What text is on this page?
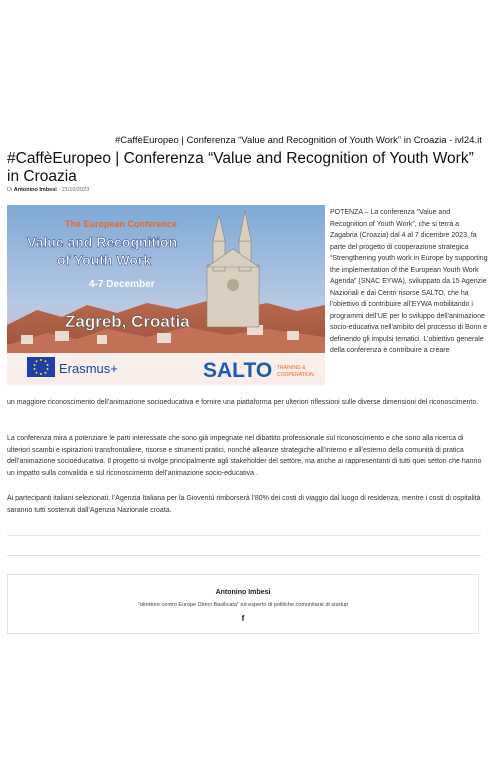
#CaffèEuropeo | Conferenza “Value and Recognition of Youth Work” in Croazia - ivl24.it
#CaffèEuropeo | Conferenza “Value and Recognition of Youth Work” in Croazia
Di Antonino Imbesi - 21/10/2023
The European Conference
Value and Recognition
of Youth Work
4-7 December
Zagreb, Croatia
Erasmus+	SALTO TRAINING &
COOPERATION
POTENZA – La conferenza “Value and Recognition of Youth Work”, che si terrà a Zagabria (Croazia) dal 4 al 7 dicembre 2023, fa parte del progetto di cooperazione strategica “Strengthening youth work in Europe by supporting the implementation of the European Youth Work Agenda” (SNAC EYWA), sviluppato da 15 Agenzie Nazionali e dai Centri risorse SALTO, che ha l’obiettivo di contribuire all’EYWA mobilitando i programmi dell’UE per lo sviluppo dell’animazione socio-educativa nell’ambito del processo di Bonn e definendo gli impulsi tematici. L’obiettivo generale della conferenza è contribuire a creare
un maggiore riconoscimento dell’animazione socioeducativa e fornire una piattaforma per ulteriori riflessioni sulle diverse dimensioni del riconoscimento.
La conferenza mira a potenziare le parti interessate che sono già impegnate nel dibattito professionale sul riconoscimento e che sono alla ricerca di ulteriori scambi e ispirazioni transfrontaliere, risorse e strumenti pratici, nonché alleanze strategiche all’interno e all’esterno della comunità di pratica dell’animazione socioeducativa. Il progetto si rivolge principalmente agli stakeholder del settore, ma anche ai rappresentanti di tutti quei settori che hanno un impatto sulla convalida e sul riconoscimento dell’animazione socio-educativa .
Ai partecipanti italiani selezionati, l’Agenzia Italiana per la Gioventù rimborserà l’80% dei costi di viaggio dal luogo di residenza, mentre i costi di ospitalità saranno tutti sostenuti dall’Agenzia Nazionale croata.
Antonino Imbesi
"direttore centro Europe Direct Basilicata" ed esperto di politiche comunitarie di startup
f
